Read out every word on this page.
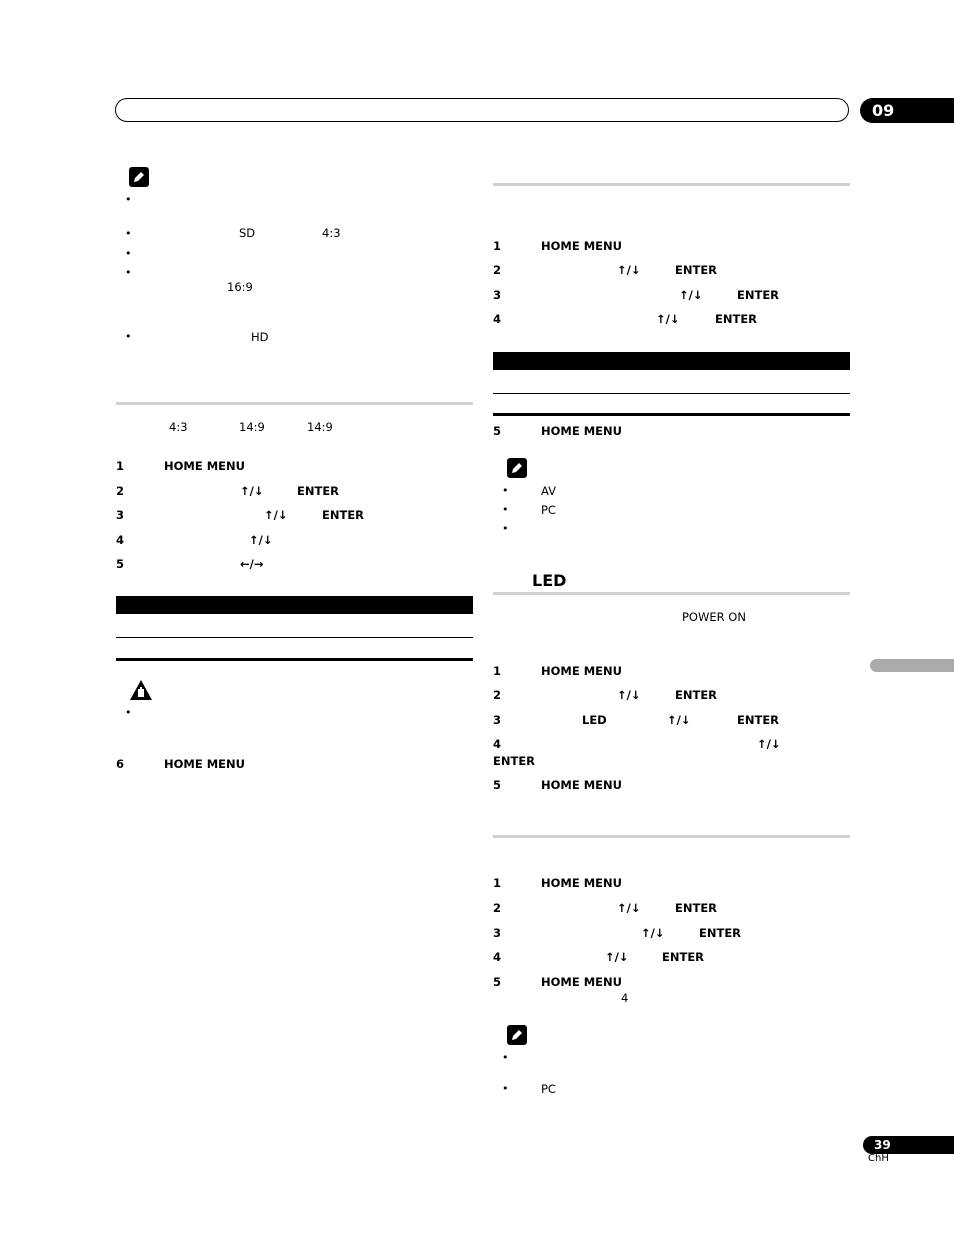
09
•
•	SD	4:3
•
•
16:9
•	HD
4:3	14:9	14:9
1	HOME MENU
2	↑/↓	ENTER
3	↑/↓	ENTER
4	↑/↓
5	←/→
•
6	HOME MENU
1	HOME MENU
2	↑/↓	ENTER
3	↑/↓	ENTER
4	↑/↓	ENTER
5	HOME MENU
•	AV
•	PC
•
LED
POWER ON
1	HOME MENU
2	↑/↓	ENTER
3	LED	↑/↓	ENTER
4	↑/↓
ENTER
5	HOME MENU
1	HOME MENU
2	↑/↓	ENTER
3	↑/↓	ENTER
4	↑/↓	ENTER
5	HOME MENU
4
•
•	PC
39
ChH
